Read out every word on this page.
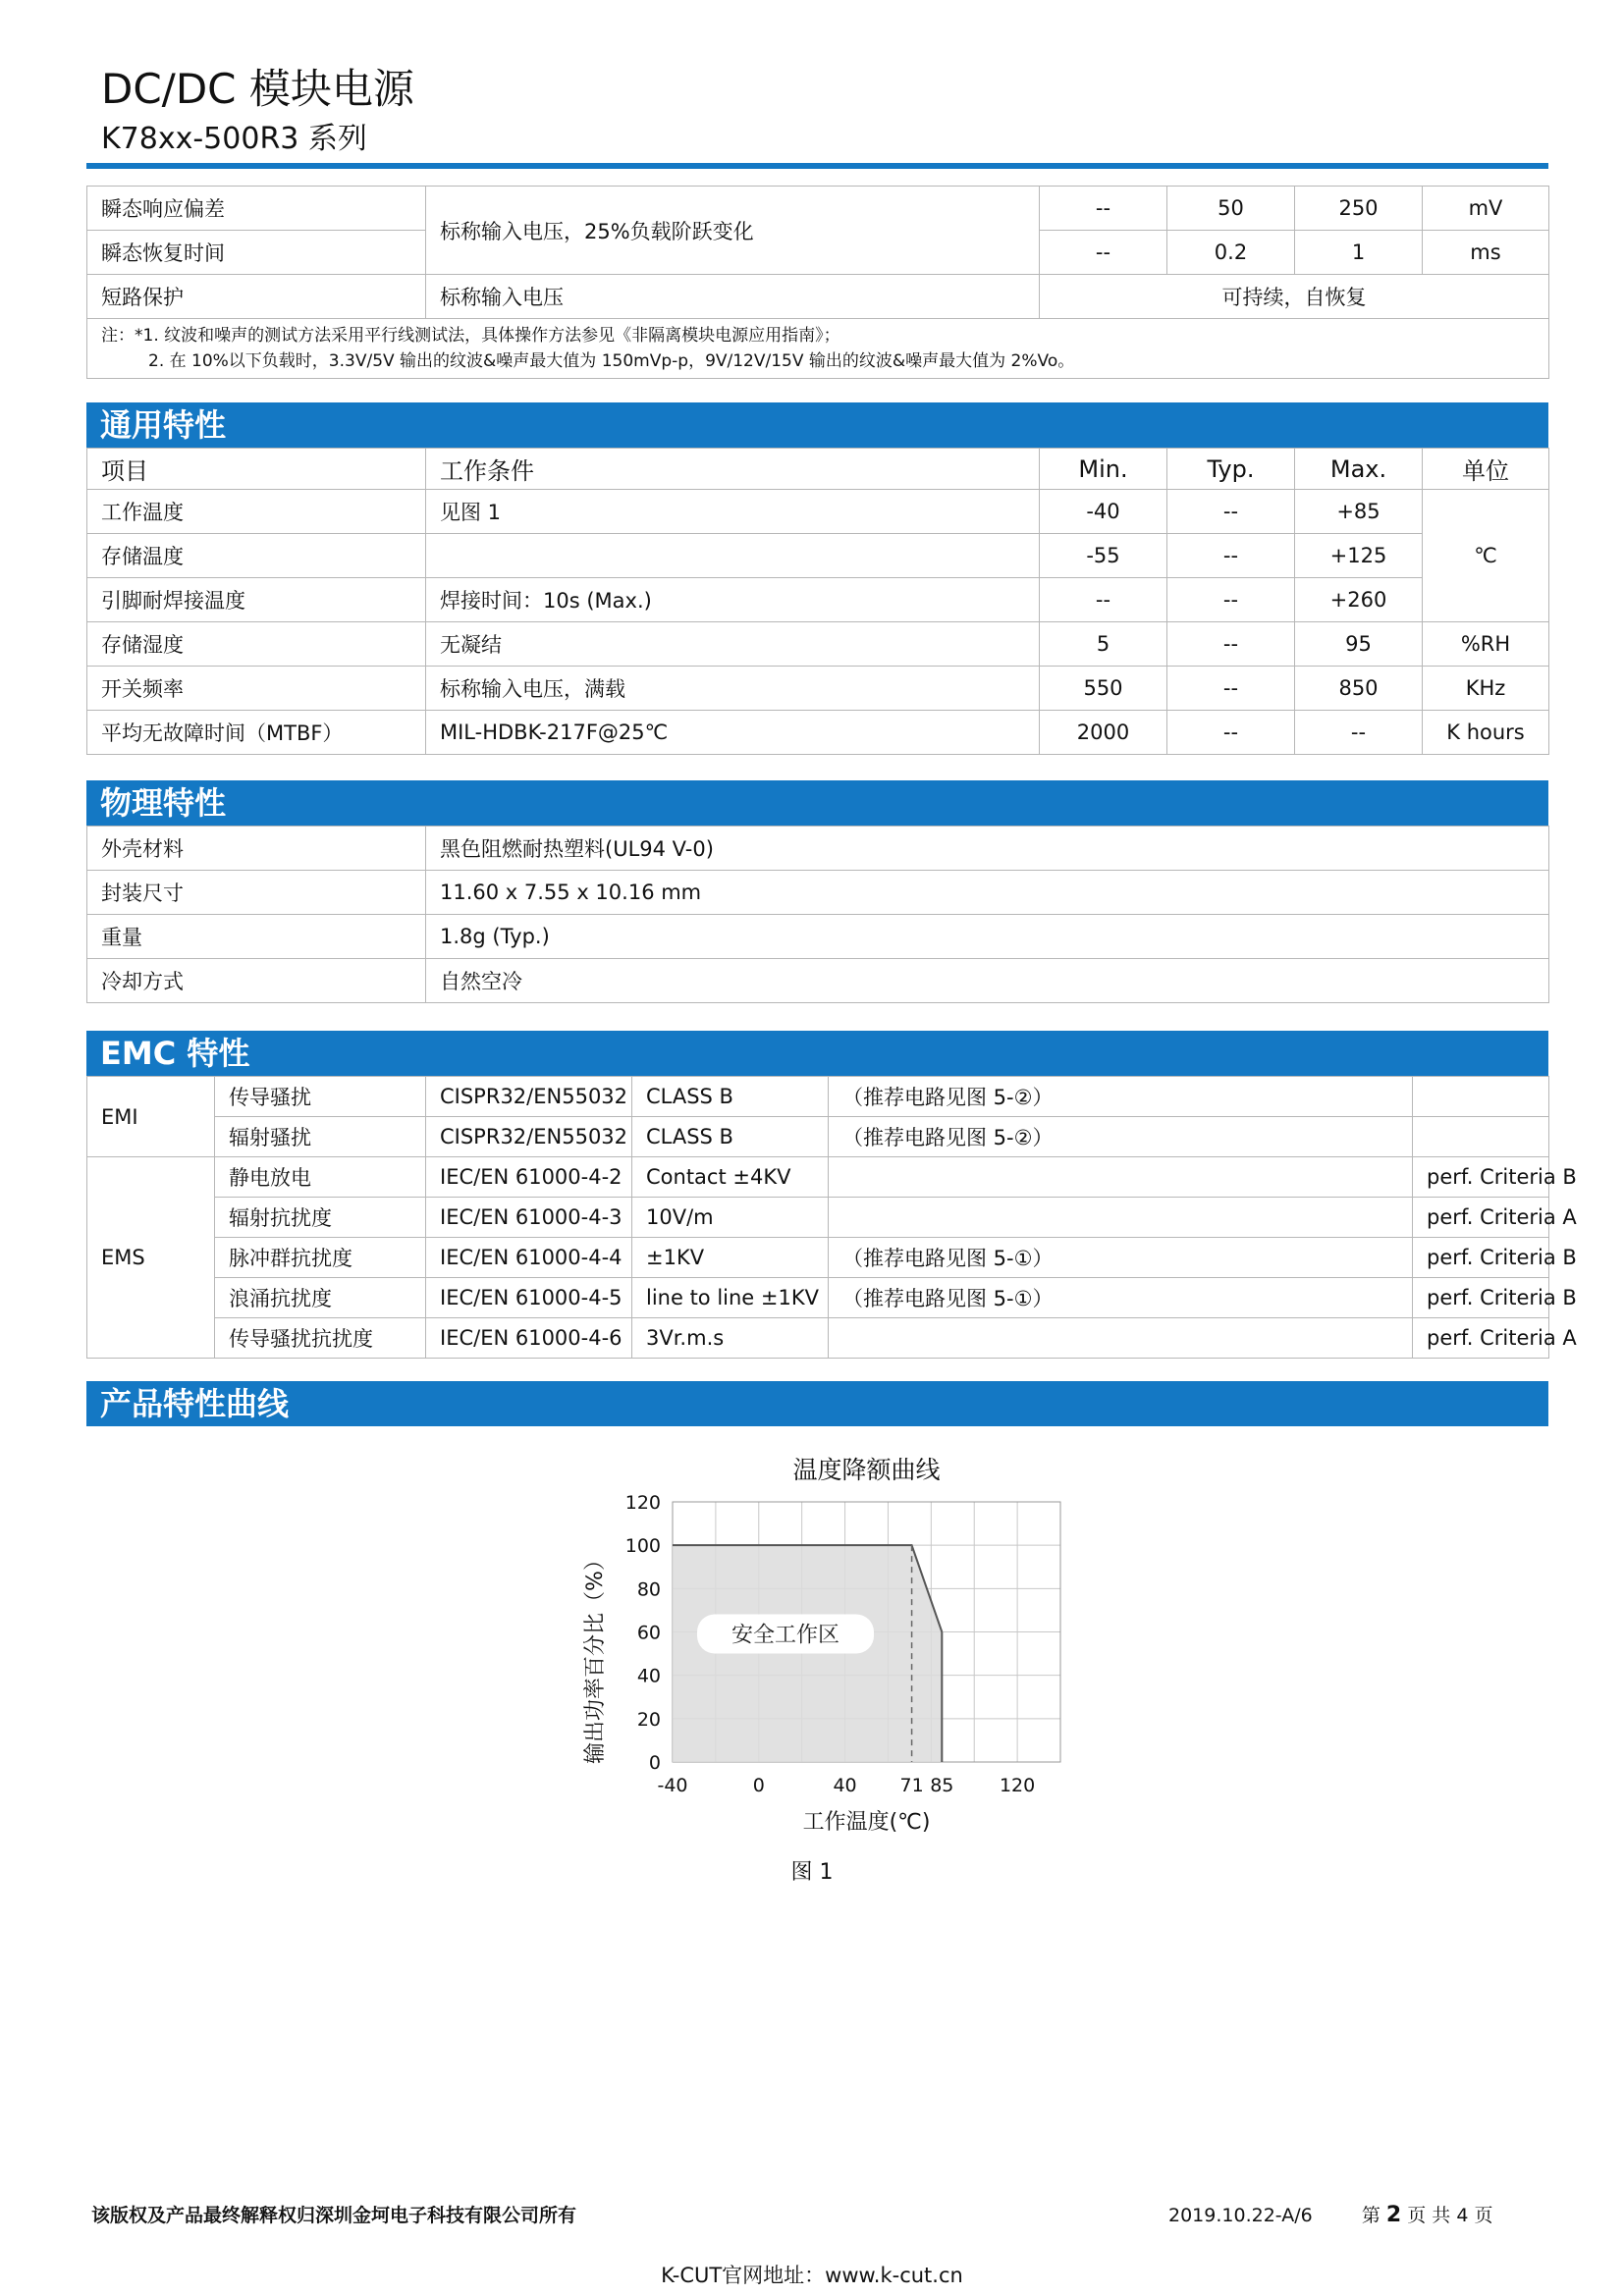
DC/DC 模块电源
K78xx-500R3 系列
瞬态响应偏差	标称输入电压，25%负载阶跃变化	--	50	250	mV
瞬态恢复时间		--	0.2	1	ms
短路保护	标称输入电压	可持续，自恢复			

注：*1. 纹波和噪声的测试方法采用平行线测试法，具体操作方法参见《非隔离模块电源应用指南》；
2. 在 10%以下负载时，3.3V/5V 输出的纹波&噪声最大值为 150mVp-p，9V/12V/15V 输出的纹波&噪声最大值为 2%Vo。					
通用特性
项目	工作条件	Min.	Typ.	Max.	单位
工作温度	见图 1	-40	--	+85	℃
存储温度		-55	--	+125	
引脚耐焊接温度	焊接时间：10s (Max.)	--	--	+260	
存储湿度	无凝结	5	--	95	%RH
开关频率	标称输入电压，满载	550	--	850	KHz
平均无故障时间（MTBF）	MIL-HDBK-217F@25℃	2000	--	--	K hours
物理特性
外壳材料	黑色阻燃耐热塑料(UL94 V-0)
封装尺寸	11.60 x 7.55 x 10.16 mm
重量	1.8g (Typ.)
冷却方式	自然空冷
EMC 特性
EMI	传导骚扰	CISPR32/EN55032	CLASS B	（推荐电路见图 5-②）	
	辐射骚扰	CISPR32/EN55032	CLASS B	（推荐电路见图 5-②）	
EMS	静电放电	IEC/EN 61000-4-2	Contact ±4KV		perf. Criteria B
	辐射抗扰度	IEC/EN 61000-4-3	10V/m		perf. Criteria A
	脉冲群抗扰度	IEC/EN 61000-4-4	±1KV	（推荐电路见图 5-①）	perf. Criteria B
	浪涌抗扰度	IEC/EN 61000-4-5	line to line ±1KV	（推荐电路见图 5-①）	perf. Criteria B
	传导骚扰抗扰度	IEC/EN 61000-4-6	3Vr.m.s		perf. Criteria A
产品特性曲线
安全工作区
0
20
40
60
80
100
120
-40	0	40 71 85 120
温度降额曲线
工作温度(℃)
输出功率百分比（%）
图 1
该版权及产品最终解释权归深圳金坷电子科技有限公司所有	2019.10.22-A/6	第 2 页 共 4 页
K-CUT官网地址：www.k-cut.cn
